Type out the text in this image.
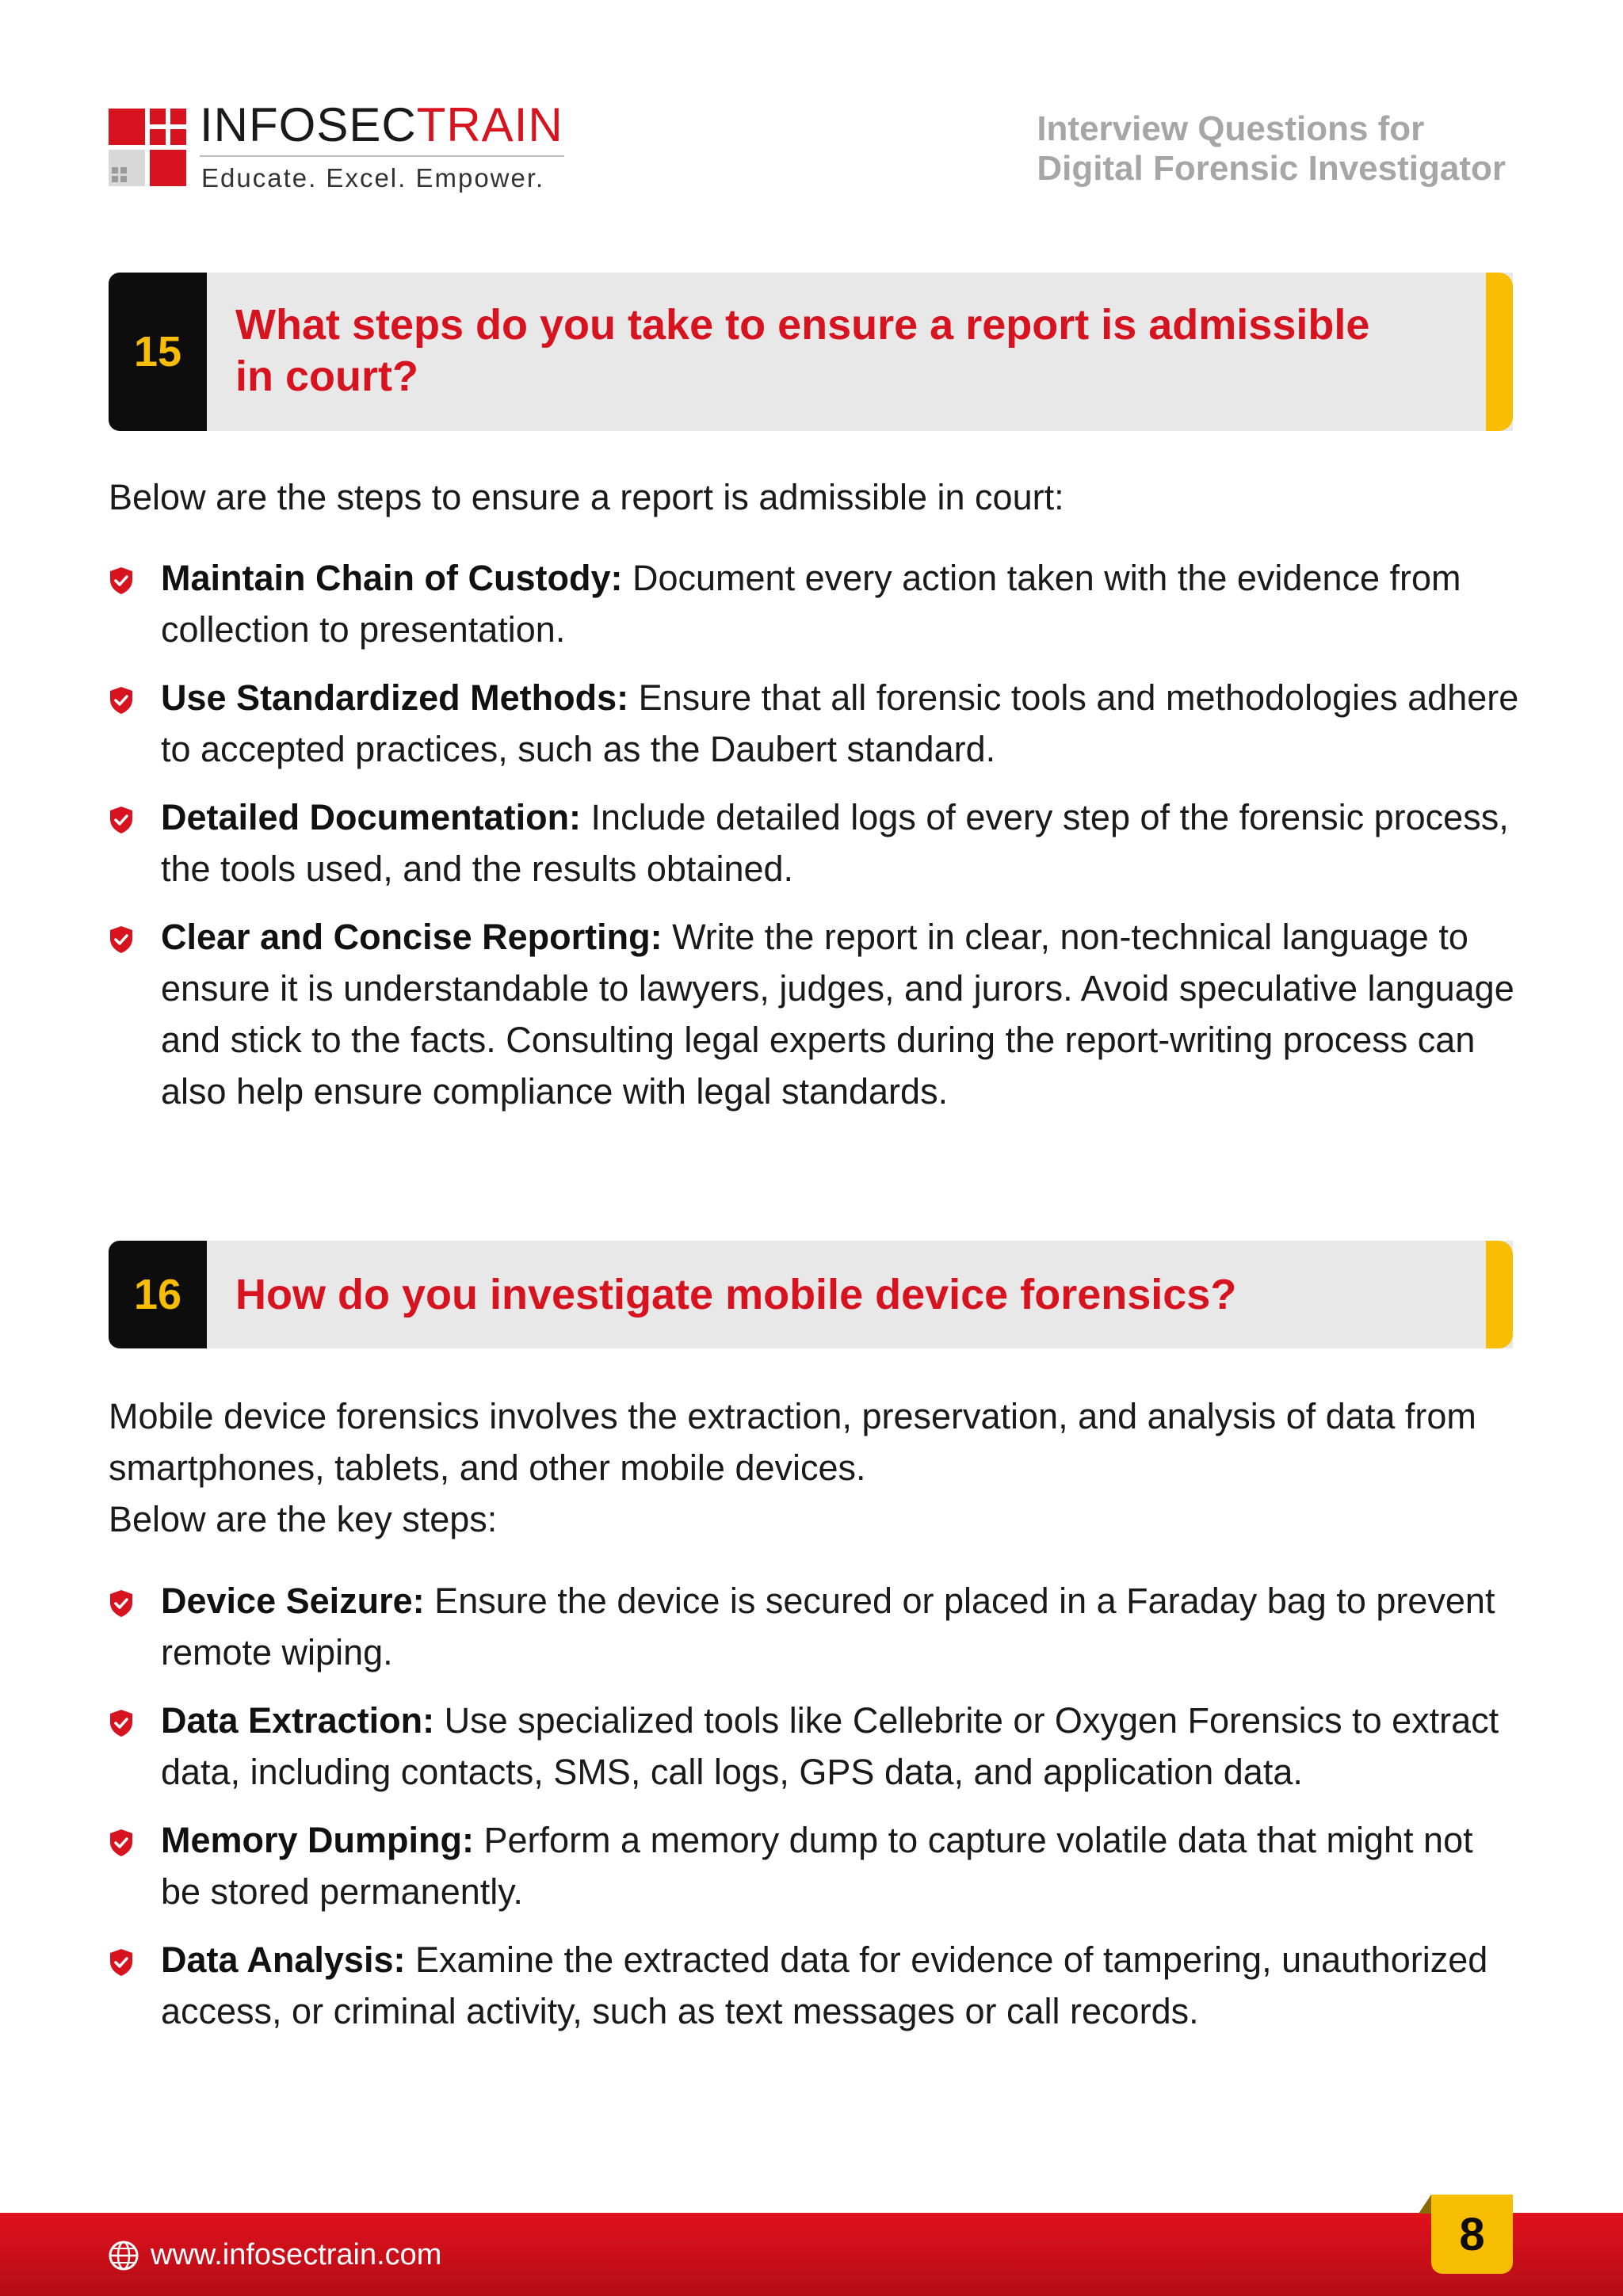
INFOSECTRAIN
Educate. Excel. Empower.
Interview Questions for
Digital Forensic Investigator
15
What steps do you take to ensure a report is admissible in court?
Below are the steps to ensure a report is admissible in court:
Maintain Chain of Custody: Document every action taken with the evidence from collection to presentation.
Use Standardized Methods: Ensure that all forensic tools and methodologies adhere to accepted practices, such as the Daubert standard.
Detailed Documentation: Include detailed logs of every step of the forensic process, the tools used, and the results obtained.
Clear and Concise Reporting: Write the report in clear, non-technical language to ensure it is understandable to lawyers, judges, and jurors. Avoid speculative language and stick to the facts. Consulting legal experts during the report-writing process can also help ensure compliance with legal standards.
16	How do you investigate mobile device forensics?
Mobile device forensics involves the extraction, preservation, and analysis of data from smartphones, tablets, and other mobile devices.
Below are the key steps:
Device Seizure: Ensure the device is secured or placed in a Faraday bag to prevent remote wiping.
Data Extraction: Use specialized tools like Cellebrite or Oxygen Forensics to extract data, including contacts, SMS, call logs, GPS data, and application data.
Memory Dumping: Perform a memory dump to capture volatile data that might not be stored permanently.
Data Analysis: Examine the extracted data for evidence of tampering, unauthorized access, or criminal activity, such as text messages or call records.
www.infosectrain.com	8
